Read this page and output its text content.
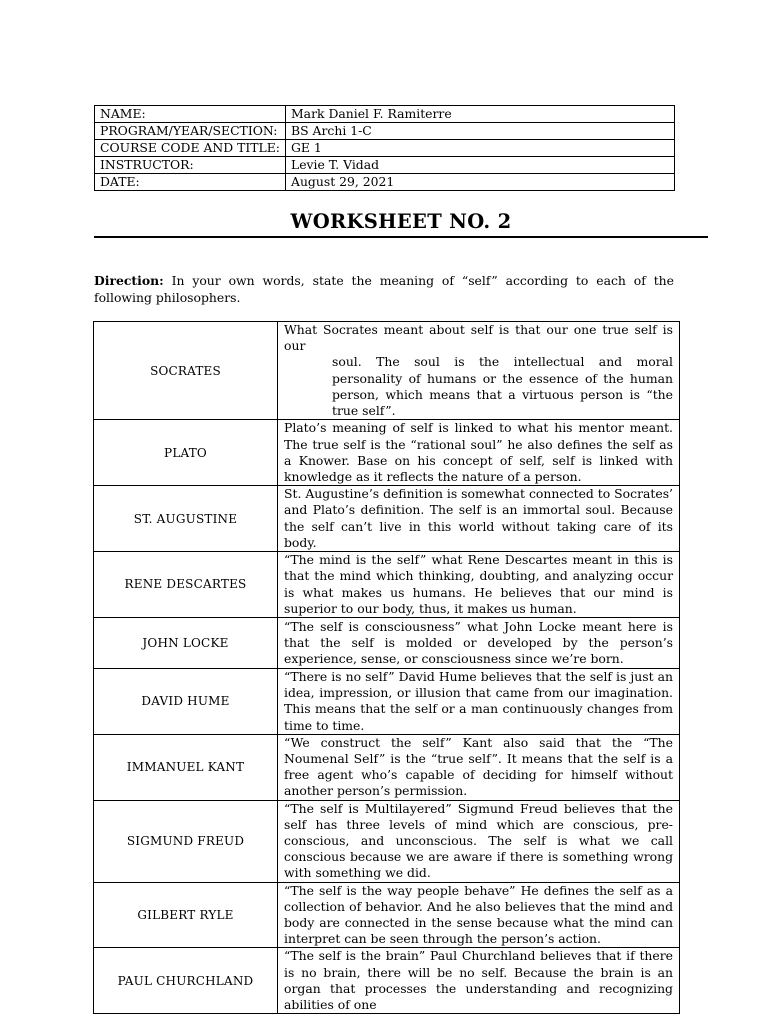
NAME:	Mark Daniel F. Ramiterre
PROGRAM/YEAR/SECTION:	BS Archi 1-C
COURSE CODE AND TITLE:	GE 1
INSTRUCTOR:	Levie T. Vidad
DATE:	August 29, 2021
WORKSHEET NO. 2
Direction: In your own words, state the meaning of “self” according to each of the following philosophers.
SOCRATES	What Socrates meant about self is that our one true self is our
soul. The soul is the intellectual and moral personality of humans or the essence of the human person, which means that a virtuous person is “the true self”.

PLATO	Plato’s meaning of self is linked to what his mentor meant. The true self is the “rational soul” he also defines the self as a Knower. Base on his concept of self, self is linked with knowledge as it reflects the nature of a person.
ST. AUGUSTINE	St. Augustine’s definition is somewhat connected to Socrates’ and Plato’s definition. The self is an immortal soul. Because the self can’t live in this world without taking care of its body.
RENE DESCARTES	“The mind is the self” what Rene Descartes meant in this is that the mind which thinking, doubting, and analyzing occur is what makes us humans. He believes that our mind is superior to our body, thus, it makes us human.
JOHN LOCKE	“The self is consciousness” what John Locke meant here is that the self is molded or developed by the person’s experience, sense, or consciousness since we’re born.
DAVID HUME	“There is no self” David Hume believes that the self is just an idea, impression, or illusion that came from our imagination. This means that the self or a man continuously changes from time to time.
IMMANUEL KANT	“We construct the self” Kant also said that the “The Noumenal Self” is the “true self”. It means that the self is a free agent who’s capable of deciding for himself without another person’s permission.
SIGMUND FREUD	“The self is Multilayered” Sigmund Freud believes that the self has three levels of mind which are conscious, pre-conscious, and unconscious. The self is what we call conscious because we are aware if there is something wrong with something we did.
GILBERT RYLE	“The self is the way people behave” He defines the self as a collection of behavior. And he also believes that the mind and body are connected in the sense because what the mind can interpret can be seen through the person’s action.
PAUL CHURCHLAND	“The self is the brain” Paul Churchland believes that if there is no brain, there will be no self. Because the brain is an organ that processes the understanding and recognizing abilities of one
